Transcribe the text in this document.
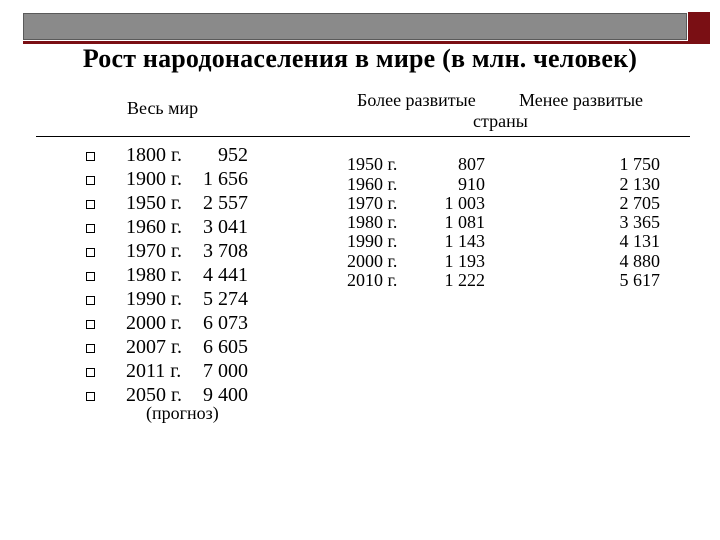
Рост народонаселения в мире (в млн. человек)
Весь мир	Более развитые Менее развитые
страны
1800 г.	952
1900 г.	1 656
1950 г.	2 557
1960 г.	3 041
1970 г.	3 708
1980 г.	4 441
1990 г.	5 274
2000 г.	6 073
2007 г.	6 605
2011 г.	7 000
2050 г.	9 400
(прогноз)
1950 г.	807	1 750
1960 г.	910	2 130
1970 г.	1 003	2 705
1980 г.	1 081	3 365
1990 г.	1 143	4 131
2000 г.	1 193	4 880
2010 г.	1 222	5 617
